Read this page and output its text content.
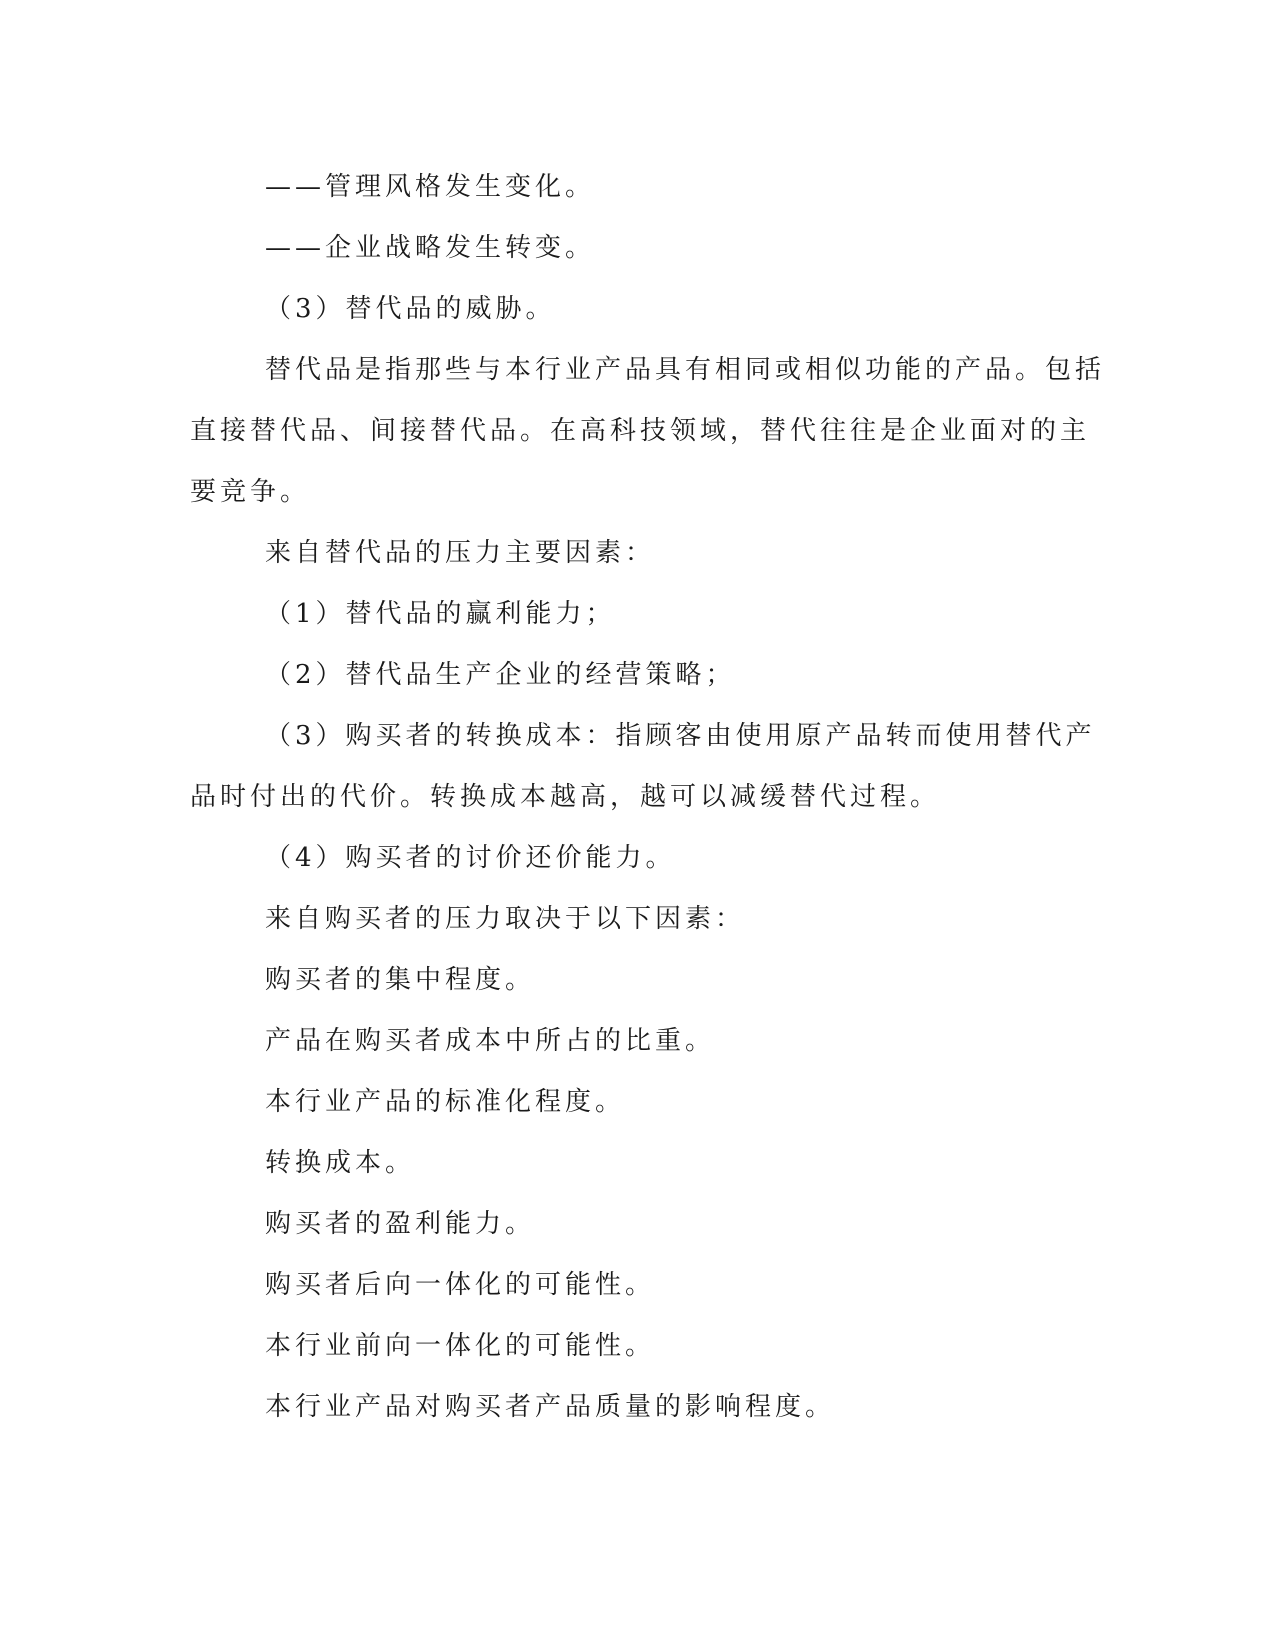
——管理风格发生变化。

——企业战略发生转变。

（3）替代品的威胁。

替代品是指那些与本行业产品具有相同或相似功能的产品。包括

直接替代品、间接替代品。在高科技领域，替代往往是企业面对的主

要竞争。

来自替代品的压力主要因素：

（1）替代品的赢利能力；

（2）替代品生产企业的经营策略；

（3）购买者的转换成本：指顾客由使用原产品转而使用替代产

品时付出的代价。转换成本越高，越可以减缓替代过程。

（4）购买者的讨价还价能力。

来自购买者的压力取决于以下因素：

购买者的集中程度。

产品在购买者成本中所占的比重。

本行业产品的标准化程度。

转换成本。

购买者的盈利能力。

购买者后向一体化的可能性。

本行业前向一体化的可能性。

本行业产品对购买者产品质量的影响程度。
